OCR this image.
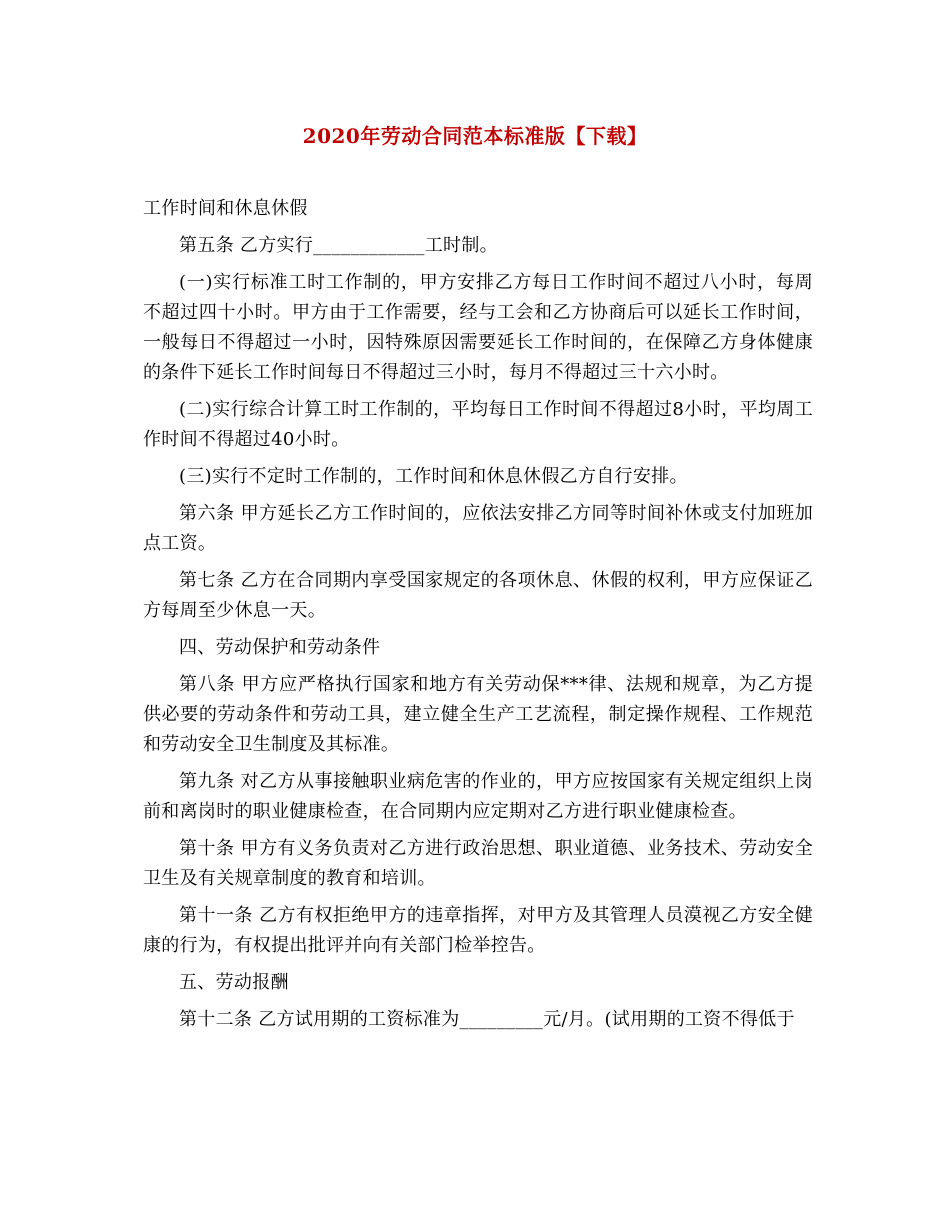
2020年劳动合同范本标准版【下载】

工作时间和休息休假

第五条 乙方实行____________工时制。

(一)实行标准工时工作制的，甲方安排乙方每日工作时间不超过八小时，每周不超过四十小时。甲方由于工作需要，经与工会和乙方协商后可以延长工作时间，一般每日不得超过一小时，因特殊原因需要延长工作时间的，在保障乙方身体健康的条件下延长工作时间每日不得超过三小时，每月不得超过三十六小时。

(二)实行综合计算工时工作制的，平均每日工作时间不得超过8小时，平均周工作时间不得超过40小时。

(三)实行不定时工作制的，工作时间和休息休假乙方自行安排。

第六条 甲方延长乙方工作时间的，应依法安排乙方同等时间补休或支付加班加点工资。

第七条 乙方在合同期内享受国家规定的各项休息、休假的权利，甲方应保证乙方每周至少休息一天。

四、劳动保护和劳动条件

第八条 甲方应严格执行国家和地方有关劳动保***律、法规和规章，为乙方提供必要的劳动条件和劳动工具，建立健全生产工艺流程，制定操作规程、工作规范和劳动安全卫生制度及其标准。

第九条 对乙方从事接触职业病危害的作业的，甲方应按国家有关规定组织上岗前和离岗时的职业健康检查，在合同期内应定期对乙方进行职业健康检查。

第十条 甲方有义务负责对乙方进行政治思想、职业道德、业务技术、劳动安全卫生及有关规章制度的教育和培训。

第十一条 乙方有权拒绝甲方的违章指挥，对甲方及其管理人员漠视乙方安全健康的行为，有权提出批评并向有关部门检举控告。

五、劳动报酬

第十二条 乙方试用期的工资标准为_________元/月。(试用期的工资不得低于
